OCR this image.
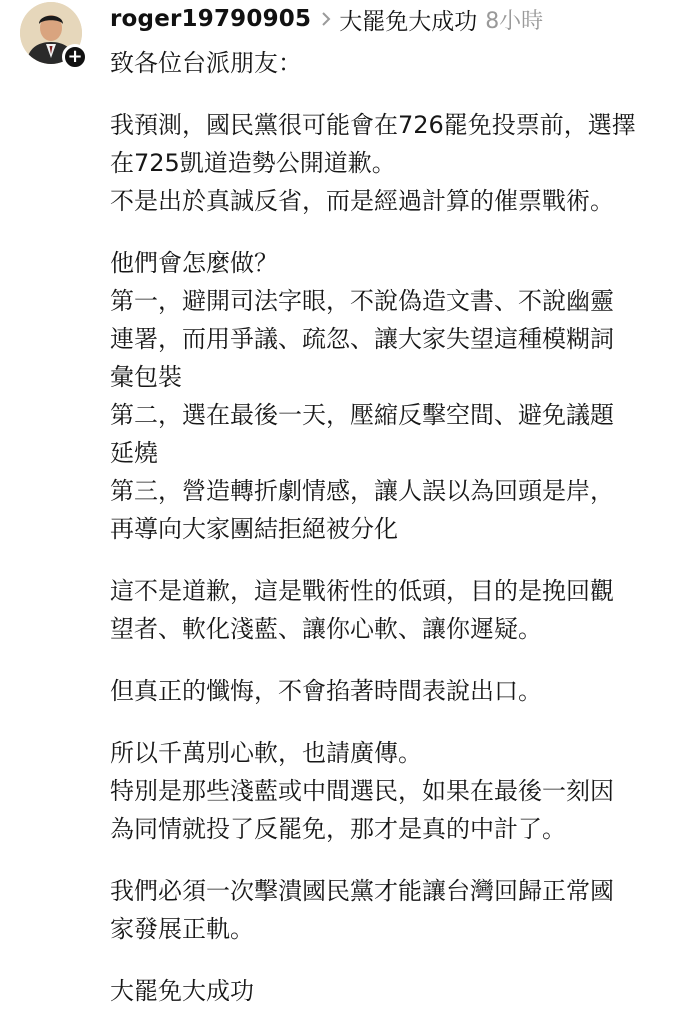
+
roger19790905 大罷免大成功 8小時
致各位台派朋友：
我預測，國民黨很可能會在726罷免投票前，選擇
在725凱道造勢公開道歉。
不是出於真誠反省，而是經過計算的催票戰術。
他們會怎麼做？
第一，避開司法字眼，不說偽造文書、不說幽靈
連署，而用爭議、疏忽、讓大家失望這種模糊詞
彙包裝
第二，選在最後一天，壓縮反擊空間、避免議題
延燒
第三，營造轉折劇情感，讓人誤以為回頭是岸，
再導向大家團結拒絕被分化
這不是道歉，這是戰術性的低頭，目的是挽回觀
望者、軟化淺藍、讓你心軟、讓你遲疑。
但真正的懺悔，不會掐著時間表說出口。
所以千萬別心軟，也請廣傳。
特別是那些淺藍或中間選民，如果在最後一刻因
為同情就投了反罷免，那才是真的中計了。
我們必須一次擊潰國民黨才能讓台灣回歸正常國
家發展正軌。
大罷免大成功
